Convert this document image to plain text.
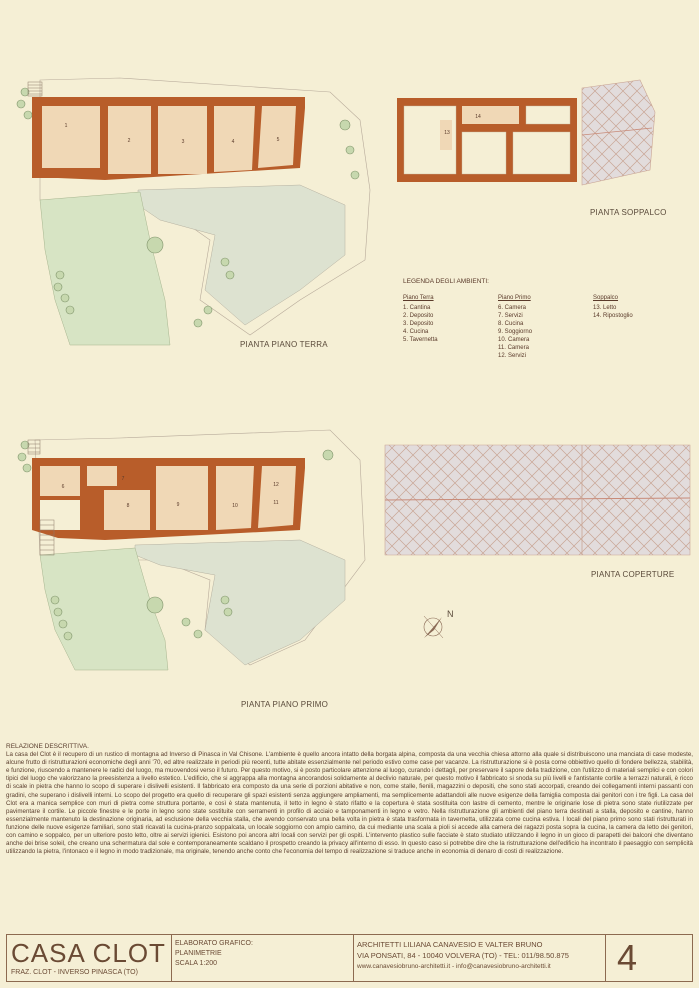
1
2	3	4	5
13
14
6
7
8	9	10	11
12
N
PIANTA PIANO TERRA
PIANTA SOPPALCO
PIANTA PIANO PRIMO
PIANTA COPERTURE
LEGENDA DEGLI AMBIENTI:
Piano Terra
1. Cantina
2. Deposito
3. Deposito
4. Cucina
5. Tavernetta
Piano Primo
6. Camera
7. Servizi
8. Cucina
9. Soggiorno
10. Camera
11. Camera
12. Servizi
Soppalco
13. Letto
14. Ripostoglio
RELAZIONE DESCRITTIVA.
La casa del Clot è il recupero di un rustico di montagna ad Inverso di Pinasca in Val Chisone. L'ambiente è quello ancora intatto della borgata alpina, composta da una vecchia chiesa attorno alla quale si distribuiscono una manciata di case modeste, alcune frutto di ristrutturazioni economiche degli anni '70, ed altre realizzate in periodi più recenti, tutte abitate essenzialmente nel periodo estivo come case per vacanze. La ristrutturazione si è posta come obbiettivo quello di fondere bellezza, stabilità, e funzione, riuscendo a mantenere le radici del luogo, ma muovendosi verso il futuro. Per questo motivo, si è posto particolare attenzione al luogo, curando i dettagli, per preservare il sapore della tradizione, con l'utilizzo di materiali semplici e con colori tipici del luogo che valorizzano la preesistenza a livello estetico. L'edificio, che si aggrappa alla montagna ancorandosi solidamente al declivio naturale, per questo motivo il fabbricato si snoda su più livelli e l'antistante cortile a terrazzi naturali, è ricco di scale in pietra che hanno lo scopo di superare i dislivelli esistenti. Il fabbricato era composto da una serie di porzioni abitative e non, come stalle, fienili, magazzini o depositi, che sono stati accorpati, creando dei collegamenti interni passanti con gradini, che superano i dislivelli interni. Lo scopo del progetto era quello di recuperare gli spazi esistenti senza aggiungere ampliamenti, ma semplicemente adattandoli alle nuove esigenze della famiglia composta dai genitori con i tre figli. La casa del Clot era a manica semplice con muri di pietra come struttura portante, e così è stata mantenuta, il tetto in legno è stato rifatto e la copertura è stata sostituita con lastre di cemento, mentre le originarie lose di pietra sono state riutilizzate per pavimentare il cortile. Le piccole finestre e le porte in legno sono state sostituite con serramenti in profilo di acciaio e tamponamenti in legno e vetro. Nella ristrutturazione gli ambienti del piano terra destinati a stalla, deposito e cantine, hanno essenzialmente mantenuto la destinazione originaria, ad esclusione della vecchia stalla, che avendo conservato una bella volta in pietra è stata trasformata in tavernetta, utilizzata come cucina estiva. I locali del piano primo sono stati ristrutturati in funzione delle nuove esigenze familiari, sono stati ricavati la cucina-pranzo soppalcata, un locale soggiorno con ampio camino, da cui mediante una scala a pioli si accede alla camera dei ragazzi posta sopra la cucina, la camera da letto dei genitori, con camino e soppalco, per un ulteriore posto letto, oltre ai servizi igienici. Esistono poi ancora altri locali con servizi per gli ospiti. L'intervento plastico sulle facciate è stato studiato utilizzando il legno in un gioco di parapetti dei balconi che diventano anche dei brise soleil, che creano una schermatura dal sole e contemporaneamente scaldano il prospetto creando la privacy all'interno di esso. In questo caso si potrebbe dire che la ristrutturazione dell'edificio ha incontrato il paesaggio con semplicità utilizzando la pietra, l'intonaco e il legno in modo tradizionale, ma originale, tenendo anche conto che l'economia del tempo di realizzazione si traduce anche in economia di denaro di costi di realizzazione.
CASA CLOT
FRAZ. CLOT - INVERSO PINASCA (TO)
ELABORATO GRAFICO:
PLANIMETRIE
SCALA 1:200
ARCHITETTI LILIANA CANAVESIO E VALTER BRUNO
VIA PONSATI, 84 - 10040 VOLVERA (TO) - TEL: 011/98.50.875
www.canavesiobruno-architetti.it - info@canavesiobruno-architetti.it	4
